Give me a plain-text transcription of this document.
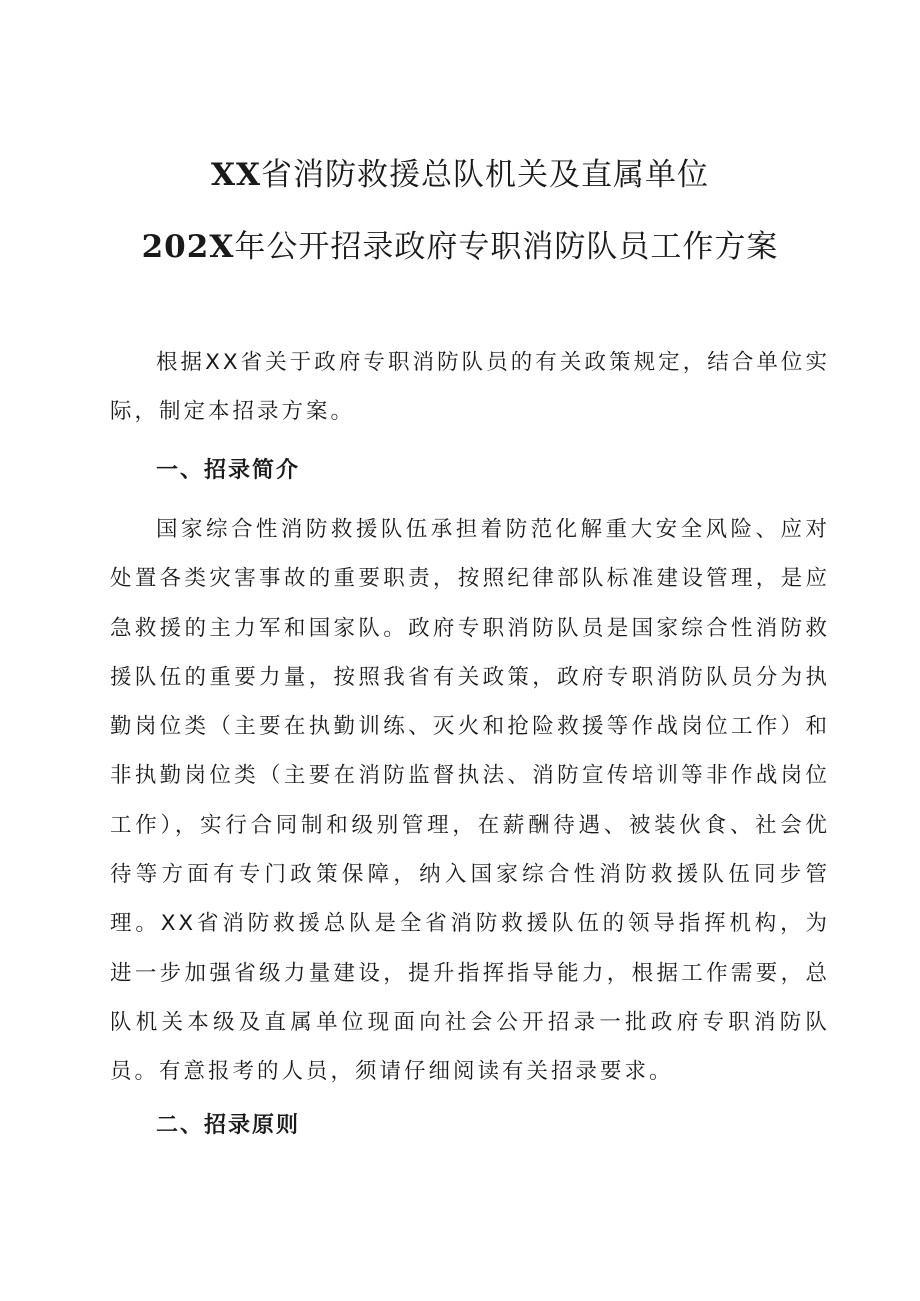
XX省消防救援总队机关及直属单位
202X年公开招录政府专职消防队员工作方案

根据XX省关于政府专职消防队员的有关政策规定，结合单位实际，制定本招录方案。

一、招录简介

国家综合性消防救援队伍承担着防范化解重大安全风险、应对处置各类灾害事故的重要职责，按照纪律部队标准建设管理，是应急救援的主力军和国家队。政府专职消防队员是国家综合性消防救援队伍的重要力量，按照我省有关政策，政府专职消防队员分为执勤岗位类（主要在执勤训练、灭火和抢险救援等作战岗位工作）和非执勤岗位类（主要在消防监督执法、消防宣传培训等非作战岗位工作），实行合同制和级别管理，在薪酬待遇、被装伙食、社会优待等方面有专门政策保障，纳入国家综合性消防救援队伍同步管理。XX省消防救援总队是全省消防救援队伍的领导指挥机构，为进一步加强省级力量建设，提升指挥指导能力，根据工作需要，总队机关本级及直属单位现面向社会公开招录一批政府专职消防队员。有意报考的人员，须请仔细阅读有关招录要求。

二、招录原则
